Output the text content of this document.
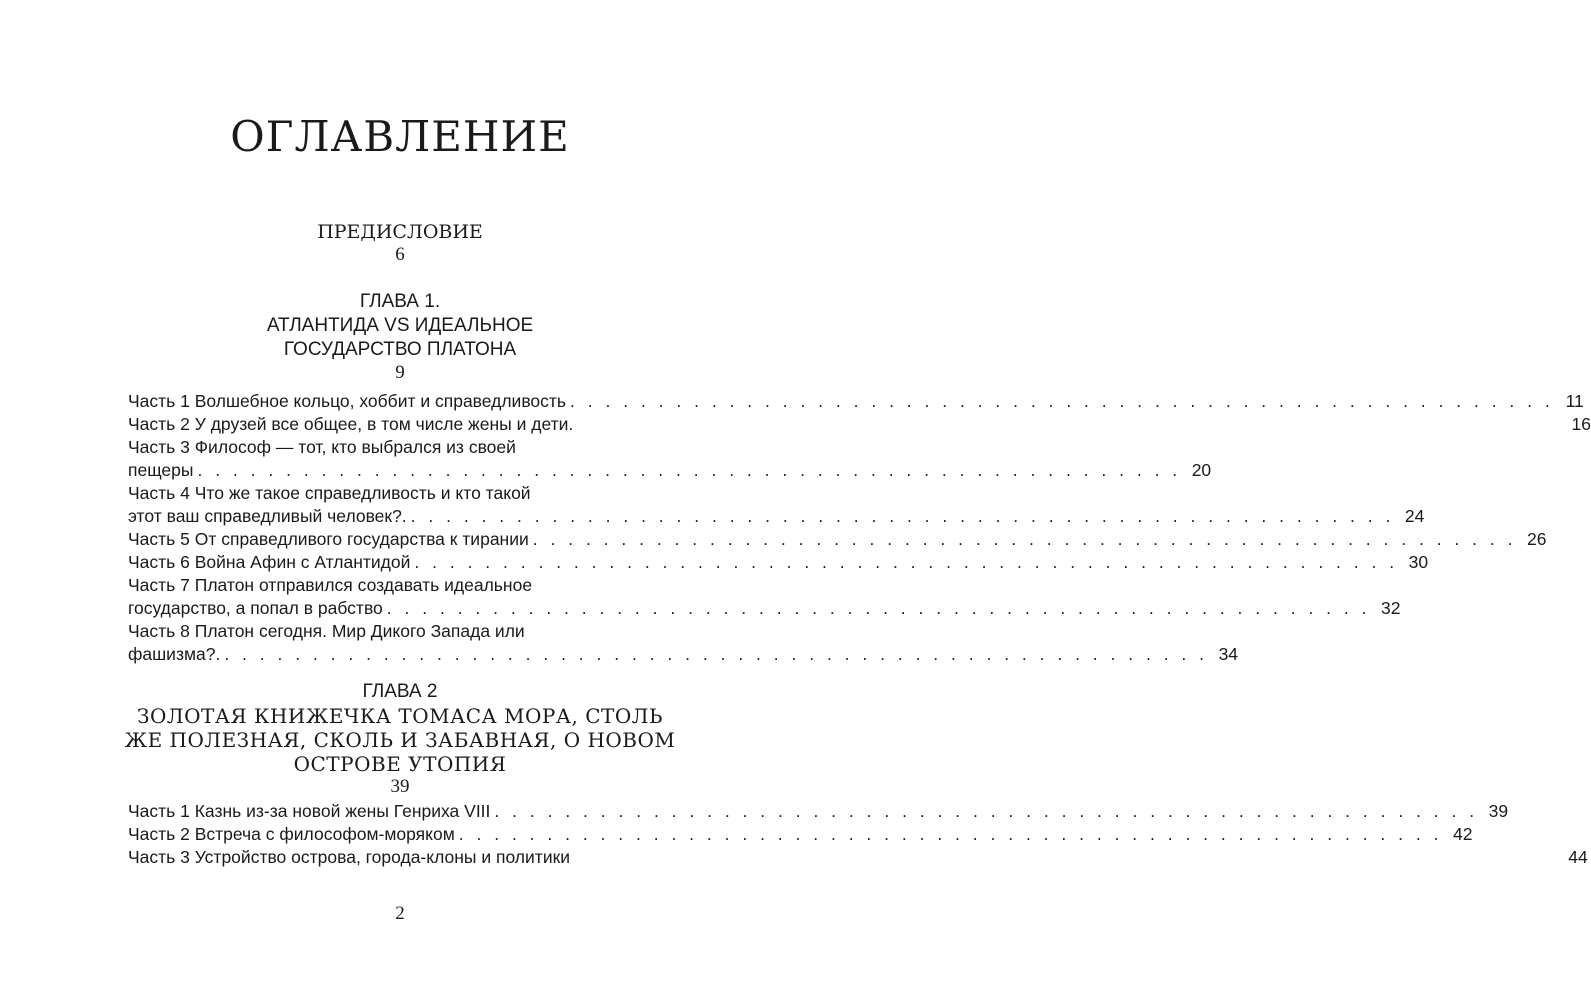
ОГЛАВЛЕНИЕ
ПРЕДИСЛОВИЕ
6
ГЛАВА 1.
АТЛАНТИДА VS ИДЕАЛЬНОЕ
ГОСУДАРСТВО ПЛАТОНА
9
Часть 1 Волшебное кольцо, хоббит и справедливость . . .	11
Часть 2 У друзей все общее, в том числе жены и дети.	16
Часть 3 Философ — тот, кто выбрался из своей
пещеры . . .	20
Часть 4 Что же такое справедливость и кто такой
этот ваш справедливый человек?. . . .	24
Часть 5 От справедливого государства к тирании . . .	26
Часть 6 Война Афин с Атлантидой . . .	30
Часть 7 Платон отправился создавать идеальное
государство, а попал в рабство . . .	32
Часть 8 Платон сегодня. Мир Дикого Запада или
фашизма?. . . .	34
ГЛАВА 2
ЗОЛОТАЯ КНИЖЕЧКА ТОМАСА МОРА, СТОЛЬ
ЖЕ ПОЛЕЗНАЯ, СКОЛЬ И ЗАБАВНАЯ, О НОВОМ
ОСТРОВЕ УТОПИЯ
39
Часть 1 Казнь из-за новой жены Генриха VIII . . .	39
Часть 2 Встреча с философом-моряком . . .	42
Часть 3 Устройство острова, города-клоны и политики	44
2
